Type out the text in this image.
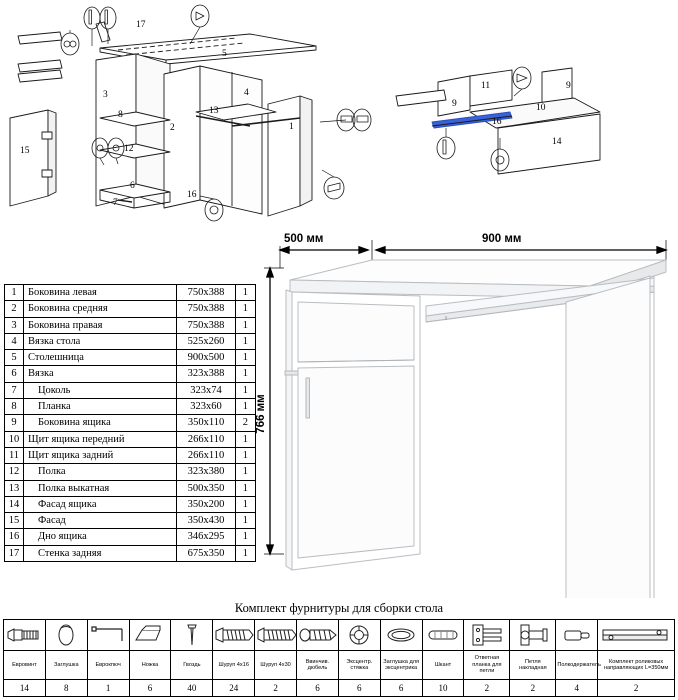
17
5
3	4
13
8
2
12
1
15
6
7
16
11
9
9
10
16
14
1	Боковина левая	750х388	1
2	Боковина средняя	750х388	1
3	Боковина правая	750х388	1
4	Вязка стола	525х260	1
5	Столешница	900х500	1
6	Вязка	323х388	1
7	Цоколь	323х74	1
8	Планка	323х60	1
9	Боковина ящика	350х110	2
10	Щит ящика передний	266х110	1
11	Щит ящика задний	266х110	1
12	Полка	323х380	1
13	Полка выкатная	500х350	1
14	Фасад ящика	350х200	1
15	Фасад	350х430	1
16	Дно ящика	346х295	1
17	Стенка задняя	675х350	1
500 мм	900 мм
766 мм
Комплект фурнитуры для сборки стола

Евровинт	Заглушка	Еврокпюч	Ножка	Гвоздь	Шуруп 4х16	Шуруп 4х30	Ввинчив. дюбель	Эксцентр. стяжка	Заглушка для эксцентрика	Шкант	Ответная планка для петли	Петля накладная	Полкодержатель	Комплект роликовых направляющих L=350мм
14	8	1	6	40	24	2	6	6	6	10	2	2	4	2
